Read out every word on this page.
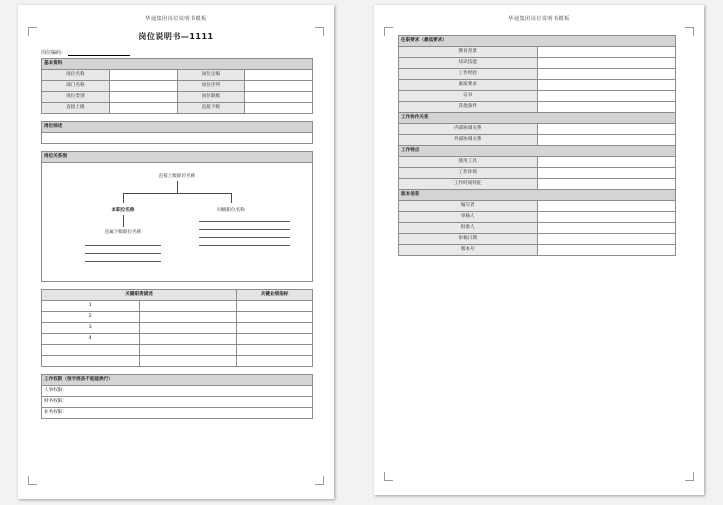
华通集团岗位说明书模板
岗位说明书—1111
岗位编码：
基本资料			
岗位名称		岗位定编	
部门名称		岗位序列	
岗位类别		岗位职级	
直接上级		直接下级	
岗位综述

岗位关系图
直接上级职位名称
本职位名称	同级职位名称
直属下级职位名称
关键职责描述		关键业绩指标
1		
2		
3		
4		

工作权限（按字逐条不能能换行）
人事权限：
财务权限：
业务权限：
华通集团岗位说明书模板
任职要求（最低要求）	
教育背景	
知识技能	
工作经验	
素质要求	
证书	
其他条件	
工作协作关系	
内部协调关系	
外部协调关系	
工作特点	
使用工具	
工作环境	
工作时间特征	
版本信息	
编写者	
审核人	
批准人	
审核日期	
版本号	
